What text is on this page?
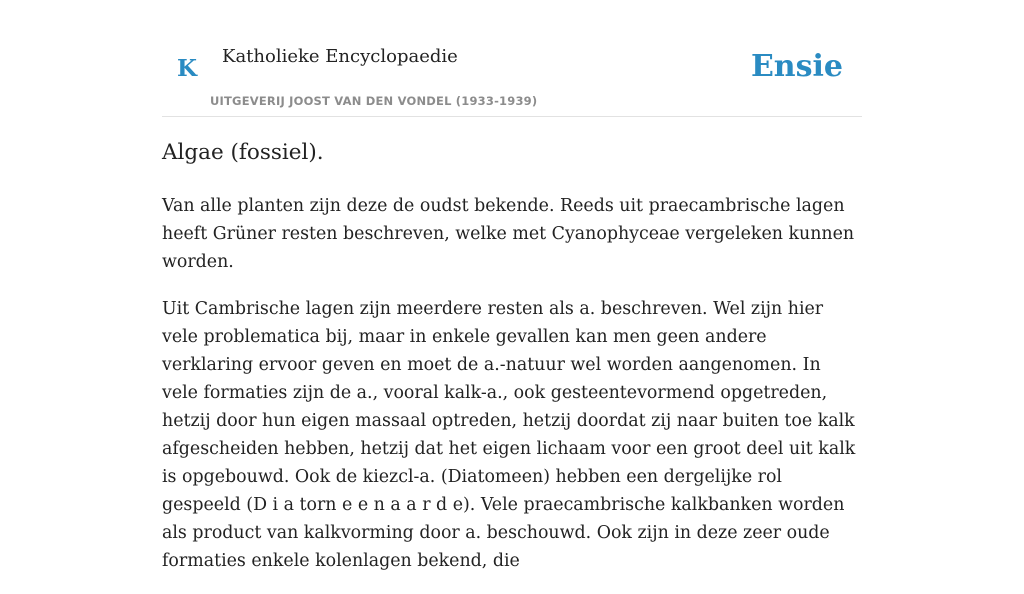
K Katholieke Encyclopaedie
UITGEVERIJ JOOST VAN DEN VONDEL (1933-1939)
Ensie
Algae (fossiel).

Van alle planten zijn deze de oudst bekende. Reeds uit praecambrische lagen heeft Grüner resten beschreven, welke met Cyanophyceae vergeleken kunnen worden.

Uit Cambrische lagen zijn meerdere resten als a. beschreven. Wel zijn hier vele problematica bij, maar in enkele gevallen kan men geen andere verklaring ervoor geven en moet de a.-natuur wel worden aangenomen. In vele formaties zijn de a., vooral kalk-a., ook gesteentevormend opgetreden, hetzij door hun eigen massaal optreden, hetzij doordat zij naar buiten toe kalk afgescheiden hebben, hetzij dat het eigen lichaam voor een groot deel uit kalk is opgebouwd. Ook de kiezcl-a. (Diatomeen) hebben een dergelijke rol gespeeld (D i a torn e e n a a r d e). Vele praecambrische kalkbanken worden als product van kalkvorming door a. beschouwd. Ook zijn in deze zeer oude formaties enkele kolenlagen bekend, die
